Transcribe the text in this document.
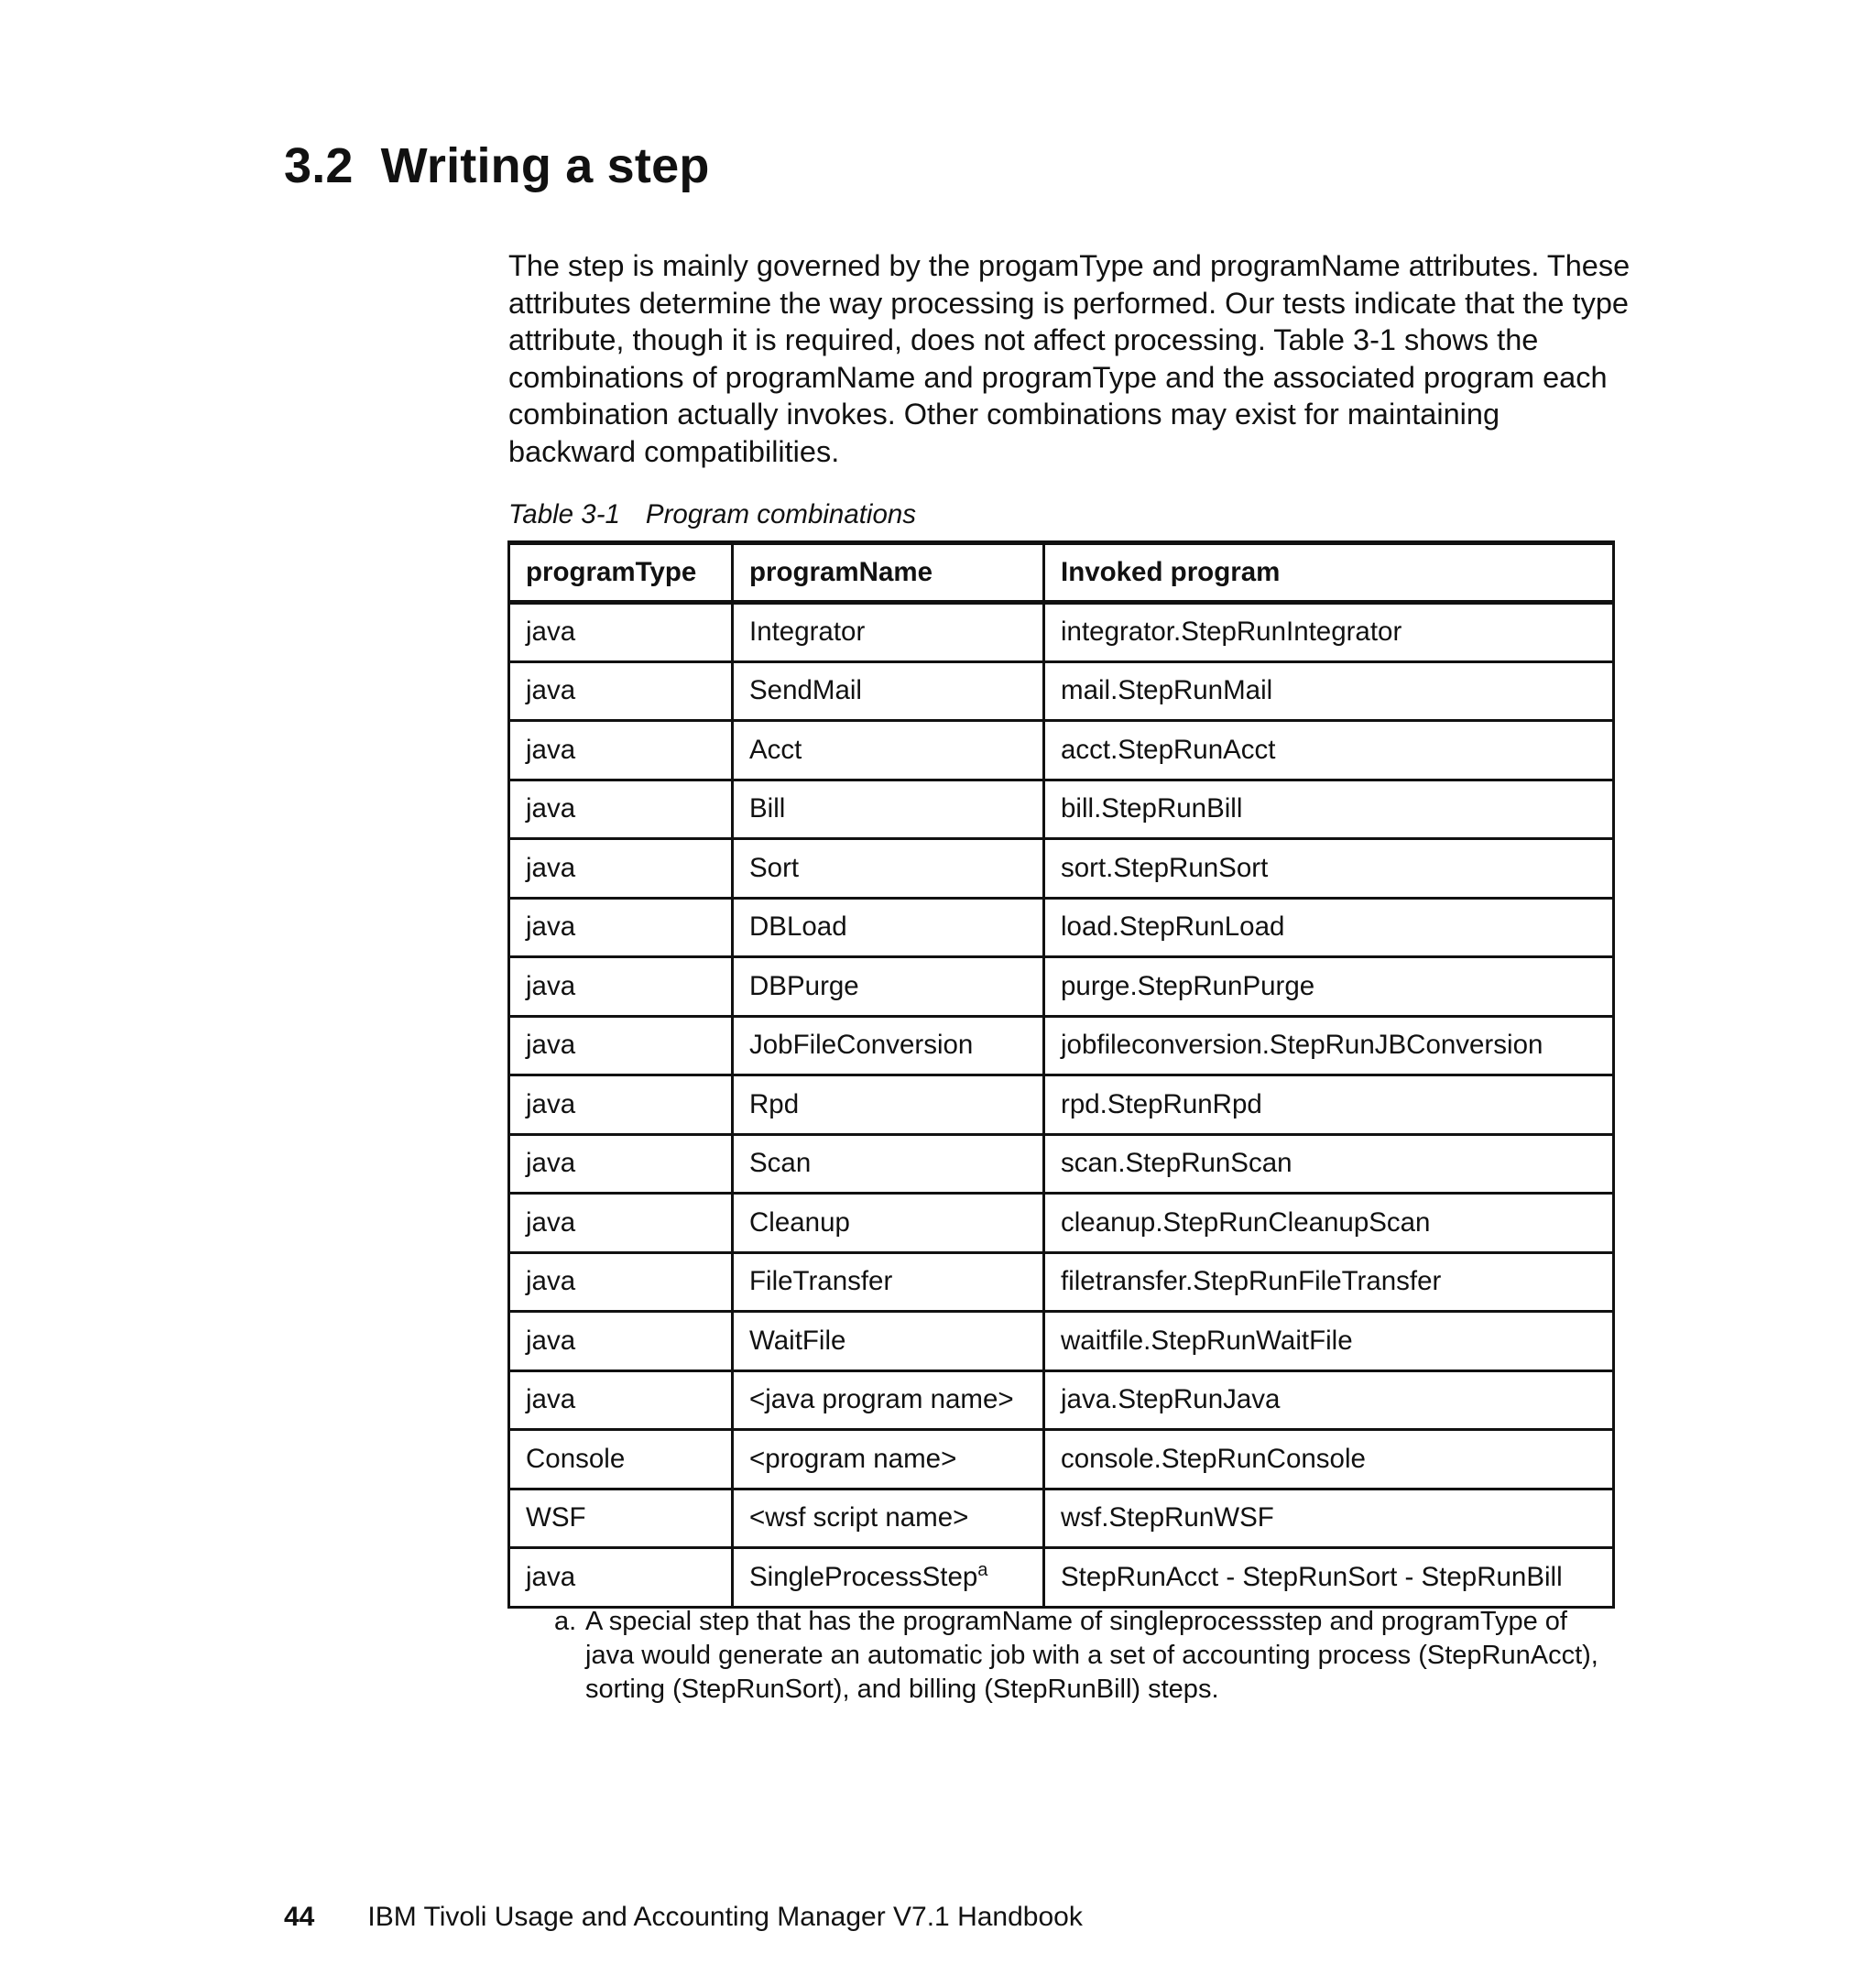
3.2 Writing a step

The step is mainly governed by the progamType and programName attributes. These attributes determine the way processing is performed. Our tests indicate that the type attribute, though it is required, does not affect processing. Table 3-1 shows the combinations of programName and programType and the associated program each combination actually invokes. Other combinations may exist for maintaining backward compatibilities.

Table 3-1 Program combinations

programType	programName	Invoked program
java	Integrator	integrator.StepRunIntegrator
java	SendMail	mail.StepRunMail
java	Acct	acct.StepRunAcct
java	Bill	bill.StepRunBill
java	Sort	sort.StepRunSort
java	DBLoad	load.StepRunLoad
java	DBPurge	purge.StepRunPurge
java	JobFileConversion	jobfileconversion.StepRunJBConversion
java	Rpd	rpd.StepRunRpd
java	Scan	scan.StepRunScan
java	Cleanup	cleanup.StepRunCleanupScan
java	FileTransfer	filetransfer.StepRunFileTransfer
java	WaitFile	waitfile.StepRunWaitFile
java	<java program name>	java.StepRunJava
Console	<program name>	console.StepRunConsole
WSF	<wsf script name>	wsf.StepRunWSF
java	SingleProcessStep$^a$	StepRunAcct - StepRunSort - StepRunBill
a. A special step that has the programName of singleprocessstep and programType of java would generate an automatic job with a set of accounting process (StepRunAcct), sorting (StepRunSort), and billing (StepRunBill) steps.
44 IBM Tivoli Usage and Accounting Manager V7.1 Handbook
